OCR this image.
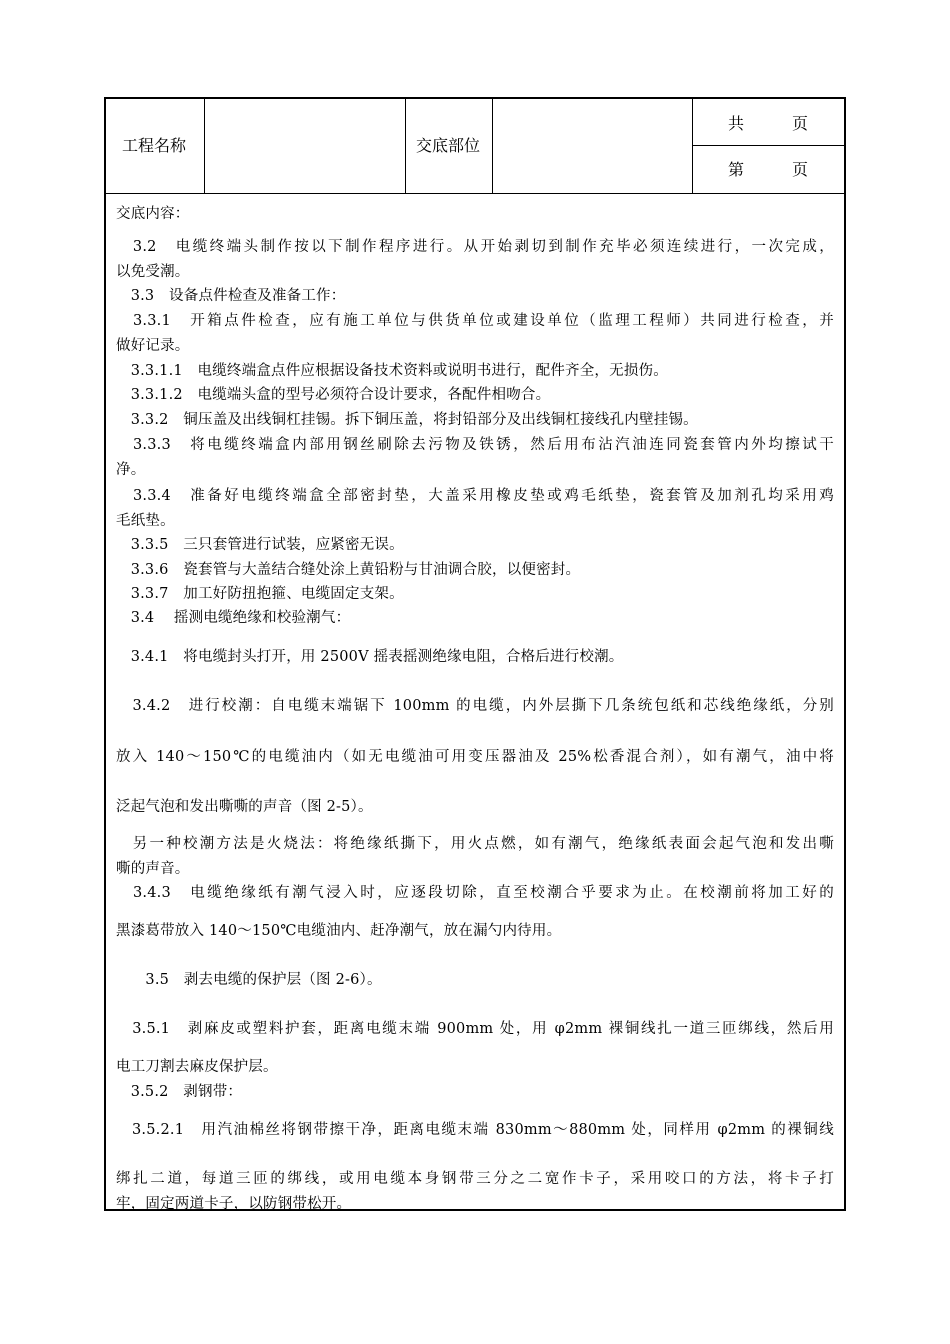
工程名称	交底部位
共　　　页
第　　　页
交底内容：
　3.2　电缆终端头制作按以下制作程序进行。从开始剥切到制作充毕必须连续进行，一次完成，
以免受潮。
　3.3　设备点件检查及准备工作：
　3.3.1　开箱点件检查，应有施工单位与供货单位或建设单位（监理工程师）共同进行检查，并
做好记录。
　3.3.1.1　电缆终端盒点件应根据设备技术资料或说明书进行，配件齐全，无损伤。
　3.3.1.2　电缆端头盒的型号必须符合设计要求，各配件相吻合。
　3.3.2　铜压盖及出线铜杠挂锡。拆下铜压盖，将封铅部分及出线铜杠接线孔内壁挂锡。
　3.3.3　将电缆终端盒内部用钢丝刷除去污物及铁锈，然后用布沾汽油连同瓷套管内外均擦试干
净。
　3.3.4　准备好电缆终端盒全部密封垫，大盖采用橡皮垫或鸡毛纸垫，瓷套管及加剂孔均采用鸡
毛纸垫。
　3.3.5　三只套管进行试装，应紧密无误。
　3.3.6　瓷套管与大盖结合缝处涂上黄铅粉与甘油调合胶，以便密封。
　3.3.7　加工好防扭抱箍、电缆固定支架。
　3.4　 摇测电缆绝缘和校验潮气：
　3.4.1　将电缆封头打开，用 2500V 摇表摇测绝缘电阻，合格后进行校潮。
　3.4.2　进行校潮：自电缆末端锯下 100mm 的电缆，内外层撕下几条统包纸和芯线绝缘纸，分别
放入 140～150℃的电缆油内（如无电缆油可用变压器油及 25%松香混合剂），如有潮气，油中将
泛起气泡和发出嘶嘶的声音（图 2-5）。
　另一种校潮方法是火烧法：将绝缘纸撕下，用火点燃，如有潮气，绝缘纸表面会起气泡和发出嘶
嘶的声音。
　3.4.3　电缆绝缘纸有潮气浸入时，应逐段切除，直至校潮合乎要求为止。在校潮前将加工好的
黑漆葛带放入 140～150℃电缆油内、赶净潮气，放在漏勺内待用。
　　3.5　剥去电缆的保护层（图 2-6）。
　3.5.1　剥麻皮或塑料护套，距离电缆末端 900mm 处，用 φ2mm 裸铜线扎一道三匝绑线，然后用
电工刀割去麻皮保护层。
　3.5.2　剥钢带：
　3.5.2.1　用汽油棉丝将钢带擦干净，距离电缆末端 830mm～880mm 处，同样用 φ2mm 的裸铜线
绑扎二道，每道三匝的绑线，或用电缆本身钢带三分之二宽作卡子，采用咬口的方法，将卡子打
牢，固定两道卡子，以防钢带松开。
